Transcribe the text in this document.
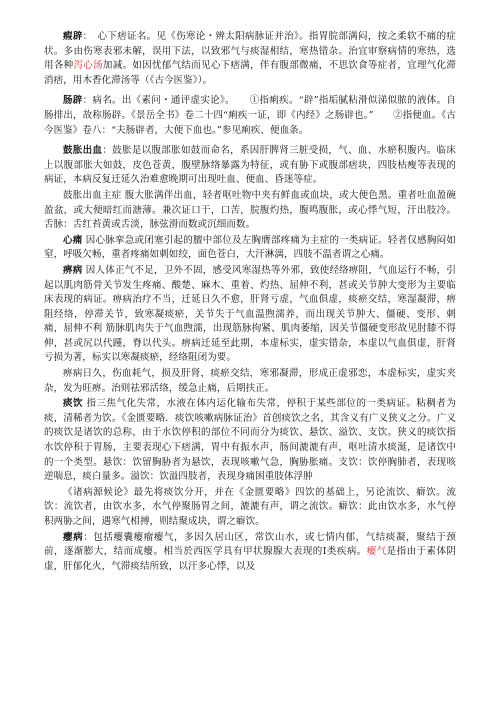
瘕辟：　心下痞证名。见《伤寒论・辨太阳病脉证并治》。指胃脘部满闷，按之柔软不痛的症状。多由伤寒表邪未解，误用下法，以致邪气与痰湿相结，寒热错杂。治宜审察病情的寒热，选用各种泻心汤加减。如因忧郁气结而见心下痞满，伴有腹部微痛，不思饮食等症者，宜理气化滞消痞，用木香化滞汤等（《古今医鉴》）。

肠辟：病名。出《素问・通评虚实论》。　　①指痢疾。“辟”指垢腻粘滑似涕似脓的液体。自肠排出，故称肠辟。《景岳全书》卷二十四“痢疾一证，即《内经》之肠辟也。”　　②指便血。《古今医鉴》卷八：“夫肠辟者，大便下血也。”参见痢疾、便血条。

鼓胀出血：鼓胀是以腹部胀如鼓而命名，系因肝脾肾三脏受损，气、血、水瘀积腹内。临床上以腹部胀大如鼓，皮色苍黄，腹壁脉络暴露为特征，或有胁下或腹部痞块，四肢枯瘦等表现的病证，本病反复迁延久治难愈晚期可出现吐血、便血、昏迷等症。

鼓胀出血主症 腹大胀满伴出血，轻者呕吐物中夹有鲜血或血块，或大便色黑。重者吐血盈碗盈盆，或大便暗红而溏薄。兼次证口干，口苦，脘腹灼热，腹鸣腹胀，或心悸气短，汗出肢冷。舌脉：舌红苔黄或舌淡，脉弦滑而数或沉细而数。

心痛 因心脉挛急或闭塞引起的膻中部位及左胸膺部疼痛为主症的一类病证。轻者仅感胸闷如窒，呼吸欠畅，重者疼痛如刺如绞，面色苍白，大汗淋漓，四肢不温者谓之心痛。

痹病 因人体正气不足，卫外不固，感受风寒湿热等外邪，致使经络痹阻，气血运行不畅，引起以肌肉筋骨关节发生疼痛、酸楚、麻木、重着、灼热、屈伸不利，甚或关节肿大变形为主要临床表现的病证。痹病治疗不当，迁延日久不愈，肝肾亏虚，气血俱虚，痰瘀交结，寒湿凝滞，痹阻经络，停滞关节，致寒凝痰瘀，关节失于气血温煦濡养，而出现关节肿大、僵硬、变形、刺痛，屈伸不利 筋脉肌肉失于气血煦濡，出现筋脉拘紧、肌肉萎缩，因关节僵硬变形故见肘膝不得伸，甚或尻以代踵，脊以代头。痹病迁延至此期，本虚标实，虚实错杂，本虚以气血俱虚，肝肾亏损为著，标实以寒凝痰瘀，经络阻闭为要。

痹病日久，伤血耗气，损及肝肾，痰瘀交结，寒邪凝滞，形成正虚邪恋，本虚标实，虚实夹杂，发为旺痹。治则祛邪活络，缓急止痛，后期扶正。

痰饮 指三焦气化失常，水液在体内运化输布失常，停积于某些部位的一类病证。粘稠者为痰，清稀者为饮。《金匮要略．痰饮咳嗽病脉证治》首创痰饮之名，其含义有广义狭义之分。广义的痰饮是诸饮的总称，由于水饮停积的部位不同而分为痰饮、悬饮、溢饮、支饮。狭义的痰饮指水饮停积于胃肠，主要表现心下痞满，胃中有振水声，肠间漉漉有声，呕吐清水痰涎，是诸饮中的一个类型。悬饮：饮留胸胁者为悬饮，表现咳嗽气急，胸胁胀痛。支饮：饮停胸肺者，表现咳逆喘息，痰白量多。溢饮：饮溢四肢者，表现身痛困重肢体浮肿

《诸病源候论》最先将痰饮分开，并在《金匮要略》四饮的基础上，另论流饮、癖饮。流饮：流饮者，由饮水多，水气停聚肠胃之间，漉漉有声，谓之流饮。癖饮：此由饮水多，水气停积两胁之间，遇寒气相搏，则结聚成块，谓之癖饮。

瘿病：包括瘿囊瘿瘤瘿气，多因久居山区，常饮山水，或七情内郁，气结痰凝，聚结于颈前，逐渐膨大，结而成瘿。相当於西医学具有甲状腺腺大表现的Ⅰ类疾病。瘿气是指由于素体阴虚，肝郁化火，气滞痰结所致，以汗多心悸，以及
